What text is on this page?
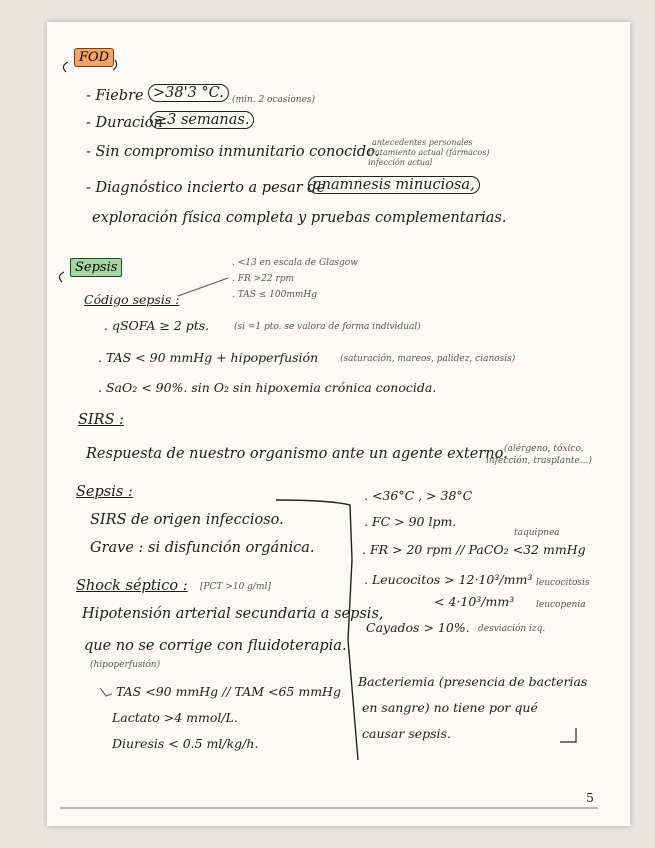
FOD
- Fiebre >38'3 °C. (min. 2 ocasiones)
- Duración
≥3 semanas.
- Sin compromiso inmunitario conocido.
antecedentes personales
tratamiento actual (fármacos)
infección actual
- Diagnóstico incierto a pesar de
anamnesis minuciosa,
exploración física completa y pruebas complementarias.
Sepsis	. <13 en escala de Glasgow
. FR >22 rpm
. TAS ≤ 100mmHg
Código sepsis :
. qSOFA ≥ 2 pts.	(si =1 pto. se valora de forma individual)
. TAS < 90 mmHg + hipoperfusión (saturación, mareos, palidez, cianosis)
. SaO₂ < 90%. sin O₂ sin hipoxemia crónica conocida.
SIRS :
Respuesta de nuestro organismo ante un agente externo.
(alérgeno, tóxico,
infección, trasplante...)
Sepsis :
SIRS de origen infeccioso.
Grave : si disfunción orgánica.
Shock séptico : [PCT >10 g/ml]
Hipotensión arterial secundaria a sepsis,
que no se corrige con fluidoterapia.
(hipoperfusión)
TAS <90 mmHg // TAM <65 mmHg
Lactato >4 mmol/L.
Diuresis < 0.5 ml/kg/h.
. <36°C , > 38°C
. FC > 90 lpm.
taquipnea
. FR > 20 rpm // PaCO₂ <32 mmHg
. Leucocitos > 12·10³/mm³ leucocitosis
< 4·10³/mm³ leucopenia
Cayados > 10%. desviación izq.
Bacteriemia (presencia de bacterias
en sangre) no tiene por qué
causar sepsis.
5
